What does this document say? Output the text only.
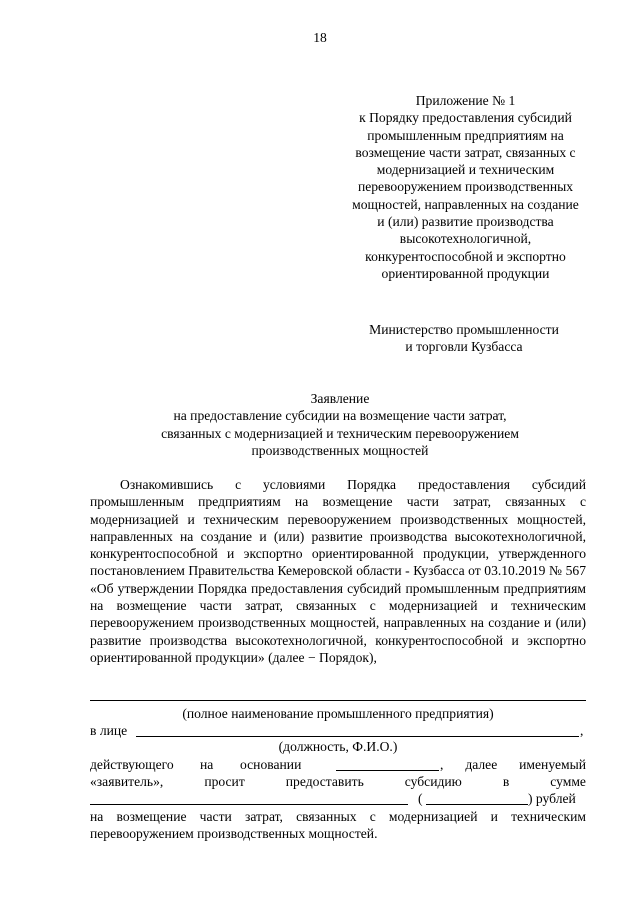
18
Приложение № 1
к Порядку предоставления субсидий
промышленным предприятиям на
возмещение части затрат, связанных с
модернизацией и техническим
перевооружением производственных
мощностей, направленных на создание
и (или) развитие производства
высокотехнологичной,
конкурентоспособной и экспортно
ориентированной продукции
Министерство промышленности
и торговли Кузбасса
Заявление
на предоставление субсидии на возмещение части затрат,
связанных с модернизацией и техническим перевооружением
производственных мощностей
Ознакомившись с условиями Порядка предоставления субсидий промышленным предприятиям на возмещение части затрат, связанных с модернизацией и техническим перевооружением производственных мощностей, направленных на создание и (или) развитие производства высокотехнологичной, конкурентоспособной и экспортно ориентированной продукции, утвержденного постановлением Правительства Кемеровской области - Кузбасса от 03.10.2019 № 567 «Об утверждении Порядка предоставления субсидий промышленным предприятиям на возмещение части затрат, связанных с модернизацией и техническим перевооружением производственных мощностей, направленных на создание и (или) развитие производства высокотехнологичной, конкурентоспособной и экспортно ориентированной продукции» (далее − Порядок),
(полное наименование промышленного предприятия)
в лице	,
(должность, Ф.И.О.)
действующего на основании	, далее именуемый
«заявитель»,	просит	предоставить	субсидию	в	сумме
(	) рублей
на возмещение части затрат, связанных с модернизацией и техническим перевооружением производственных мощностей.
